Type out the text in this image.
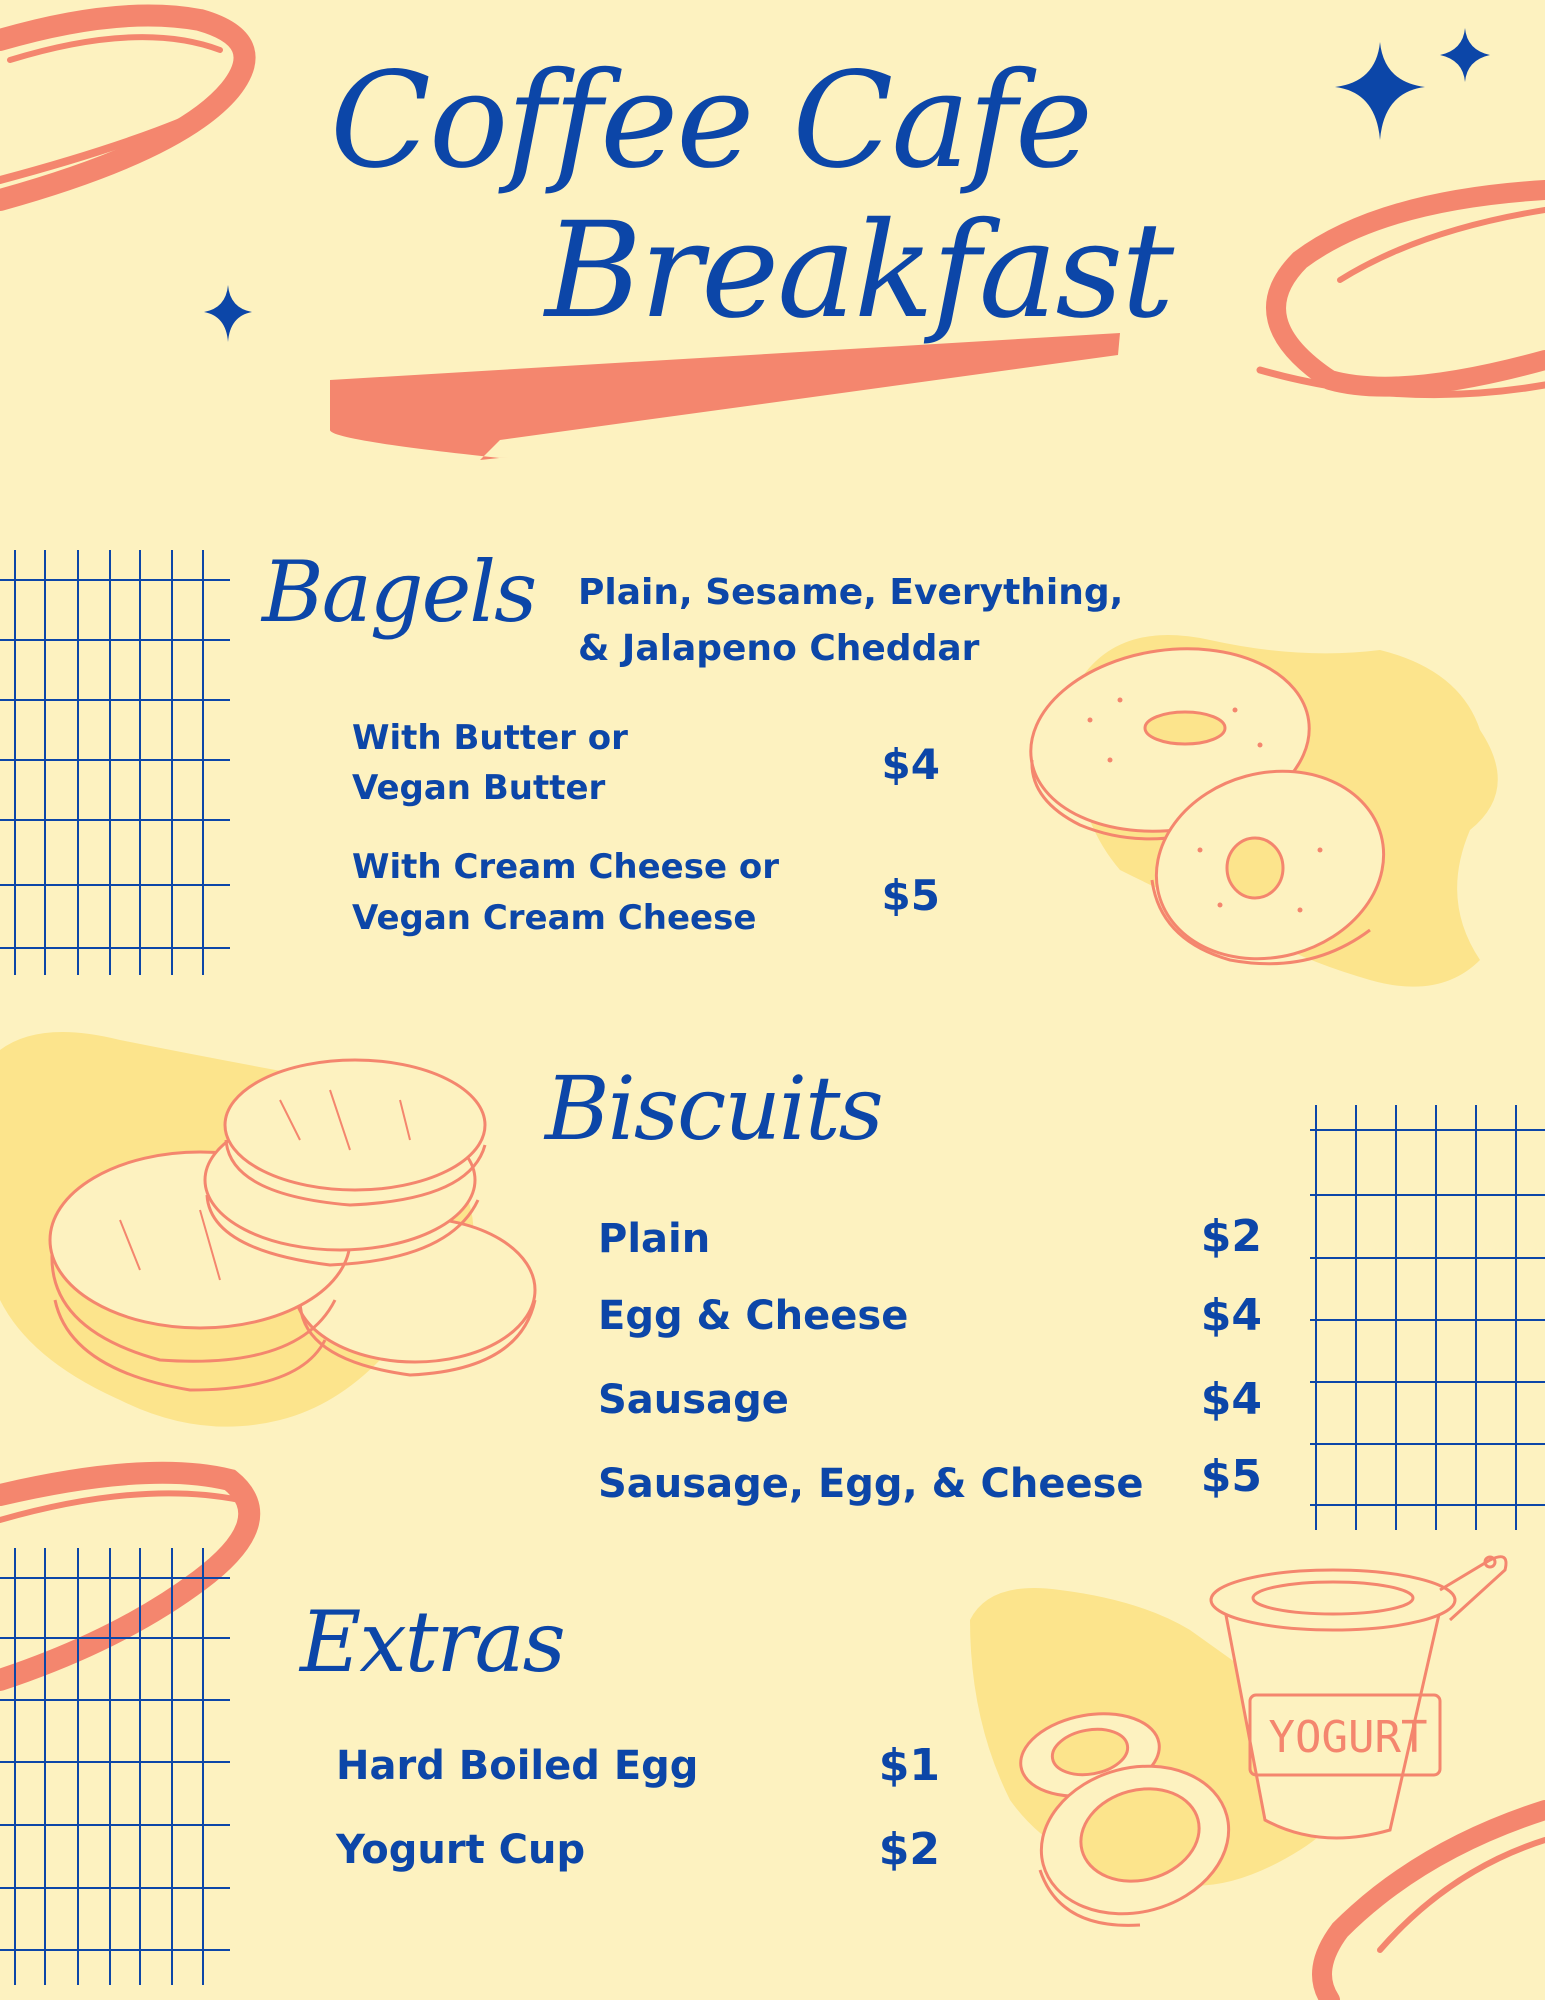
YOGURT
Coffee Cafe
Breakfast
Bagels Plain, Sesame, Everything,
& Jalapeno Cheddar
With Butter or
Vegan Butter	$4
With Cream Cheese or
Vegan Cream Cheese	$5
Biscuits
Plain	$2
Egg & Cheese	$4
Sausage	$4
Sausage, Egg, & Cheese	$5
Extras
Hard Boiled Egg	$1
Yogurt Cup	$2
